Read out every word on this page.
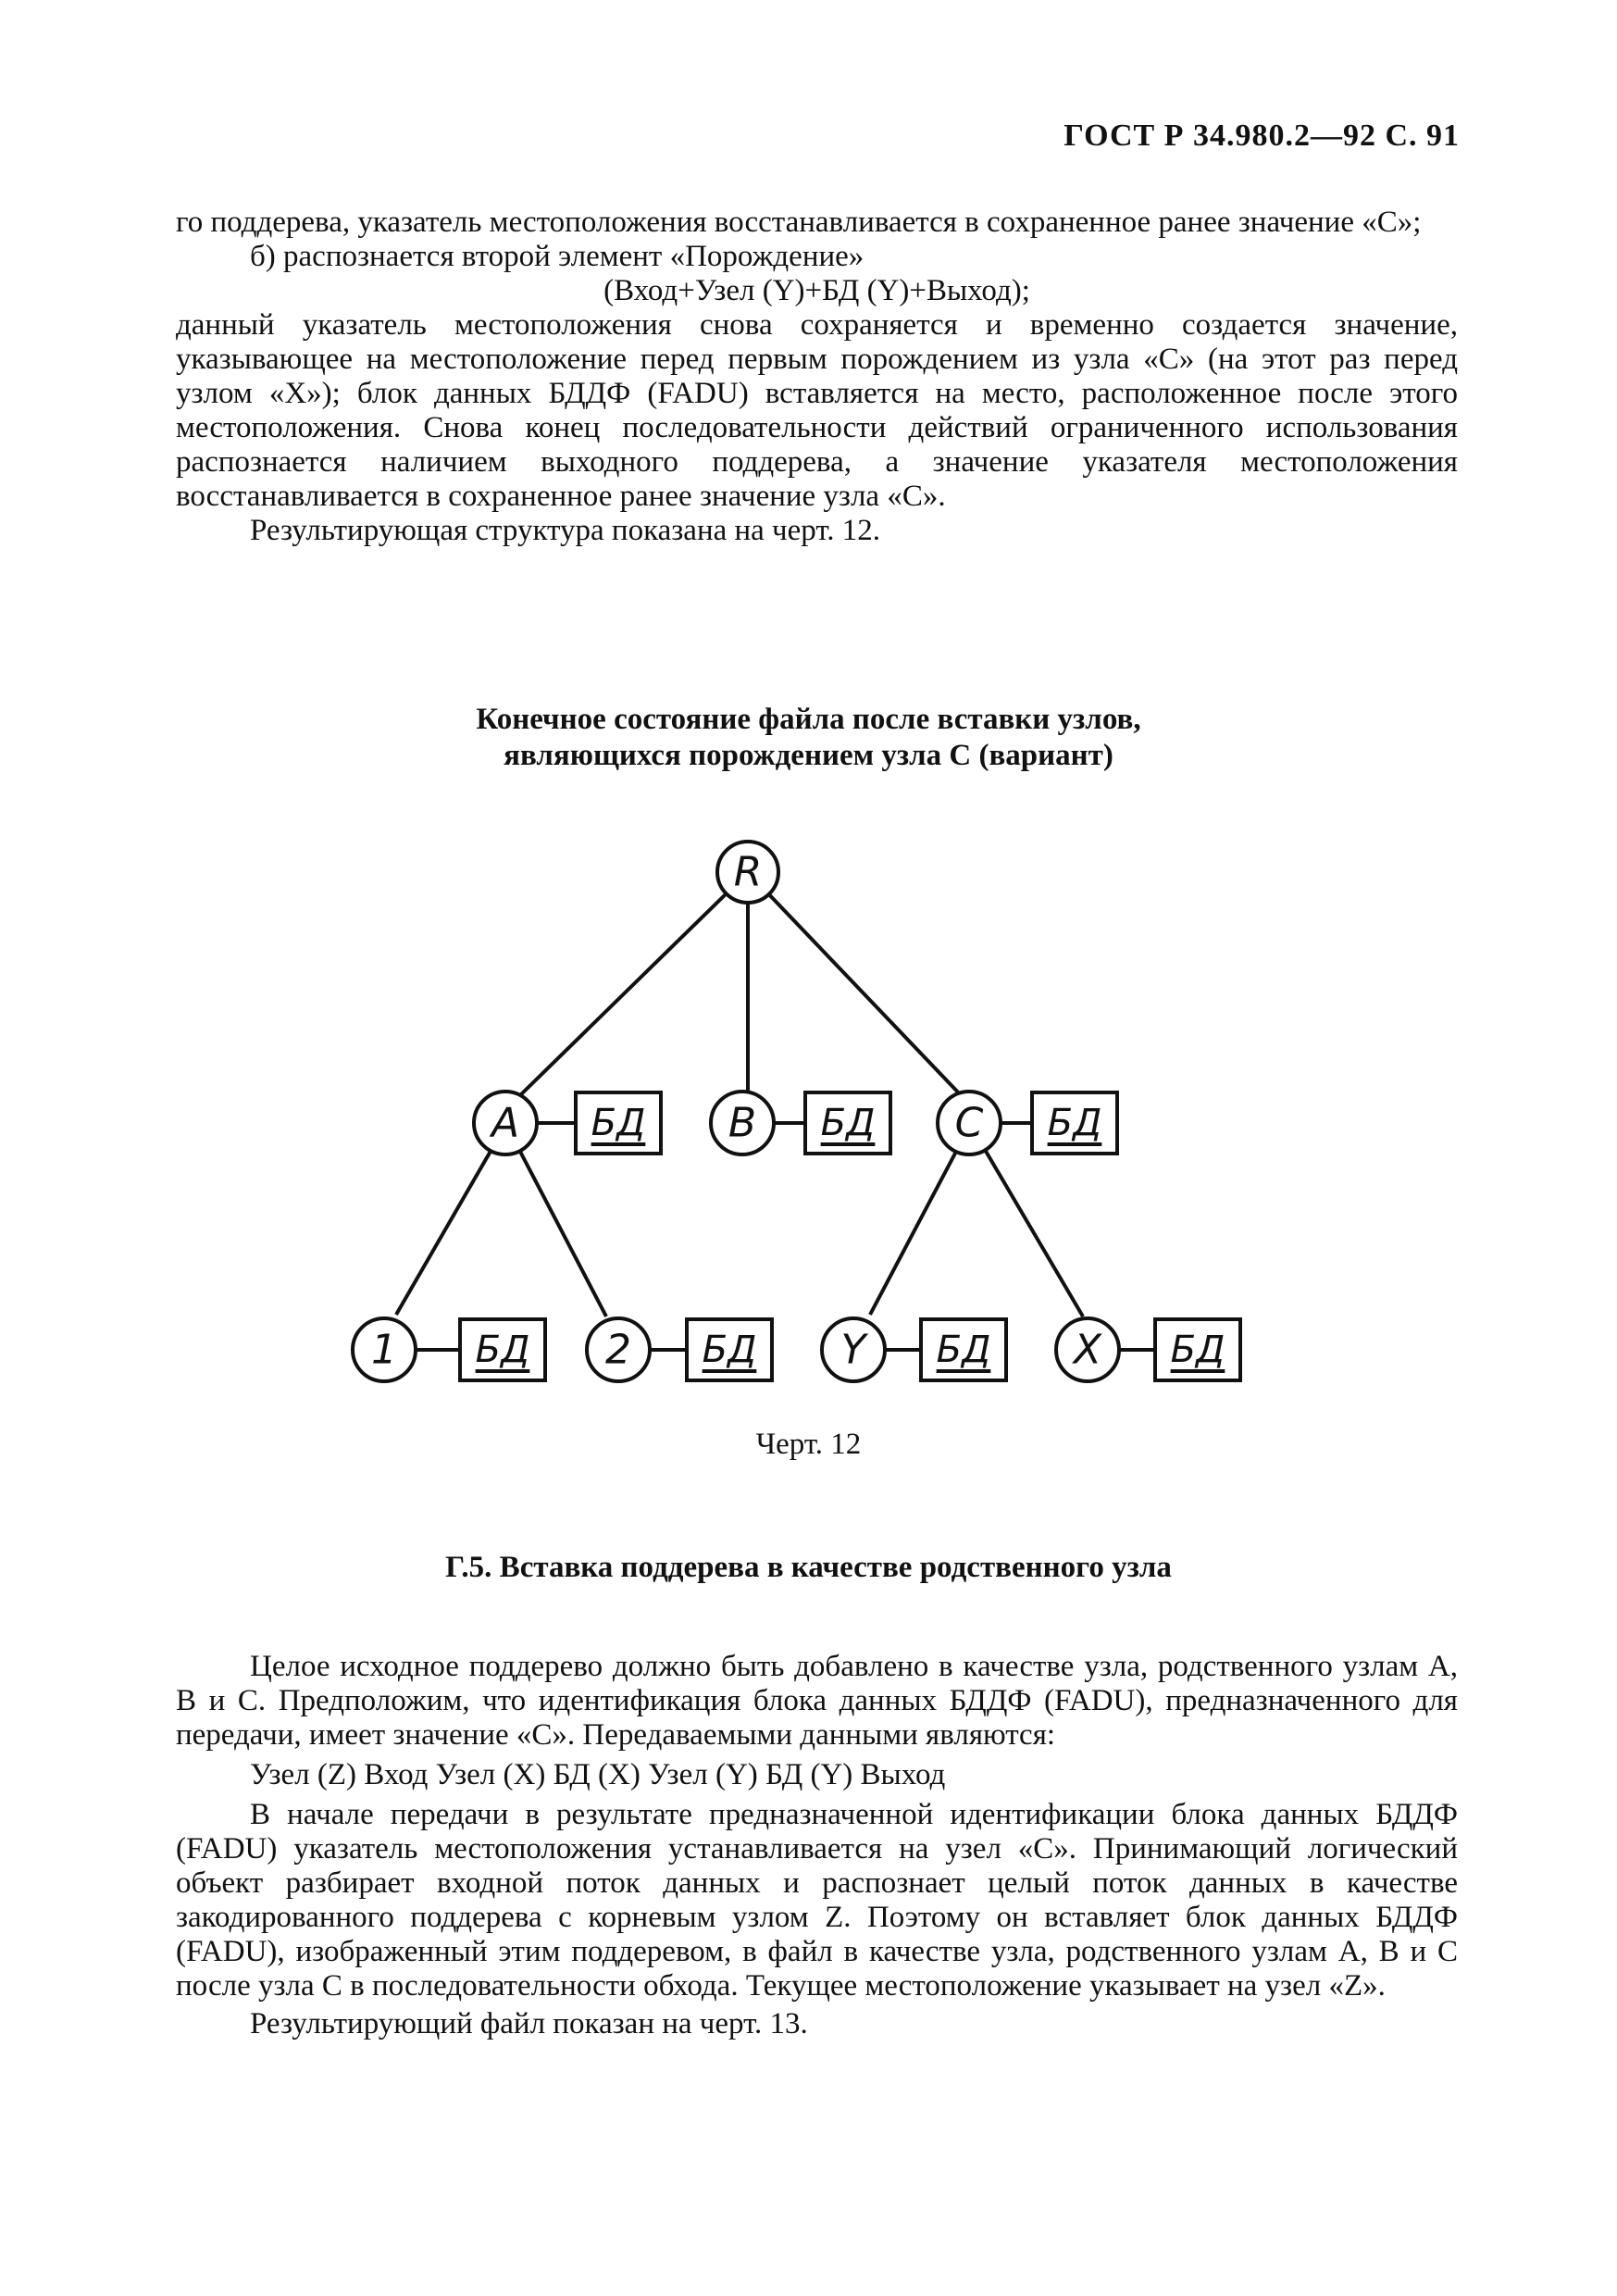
ГОСТ Р 34.980.2—92 С. 91

го поддерева, указатель местоположения восстанавливается в сохраненное ранее значение «С»;

б) распознается второй элемент «Порождение»

(Вход+Узел (Y)+БД (Y)+Выход);

данный указатель местоположения снова сохраняется и временно создается значение, указывающее на местоположение перед первым порождением из узла «С» (на этот раз перед узлом «X»); блок данных БДДФ (FADU) вставляется на место, расположенное после этого местоположения. Снова конец последовательности действий ограниченного использования распознается наличием выходного поддерева, а значение указателя местоположения восстанавливается в сохраненное ранее значение узла «С».

Результирующая структура показана на черт. 12.

Конечное состояние файла после вставки узлов,
являющихся порождением узла С (вариант)
R
A	B	C
1	2	Y	X
БД	БД	БД
БД	БД	БД	БД
Черт. 12
Г.5. Вставка поддерева в качестве родственного узла

Целое исходное поддерево должно быть добавлено в качестве узла, родственного узлам А, В и С. Предположим, что идентификация блока данных БДДФ (FADU), предназначенного для передачи, имеет значение «С». Передаваемыми данными являются:

Узел (Z) Вход Узел (X) БД (X) Узел (Y) БД (Y) Выход

В начале передачи в результате предназначенной идентификации блока данных БДДФ (FADU) указатель местоположения устанавливается на узел «С». Принимающий логический объект разбирает входной поток данных и распознает целый поток данных в качестве закодированного поддерева с корневым узлом Z. Поэтому он вставляет блок данных БДДФ (FADU), изображенный этим поддеревом, в файл в качестве узла, родственного узлам А, В и С после узла С в последовательности обхода. Текущее местоположение указывает на узел «Z».

Результирующий файл показан на черт. 13.
